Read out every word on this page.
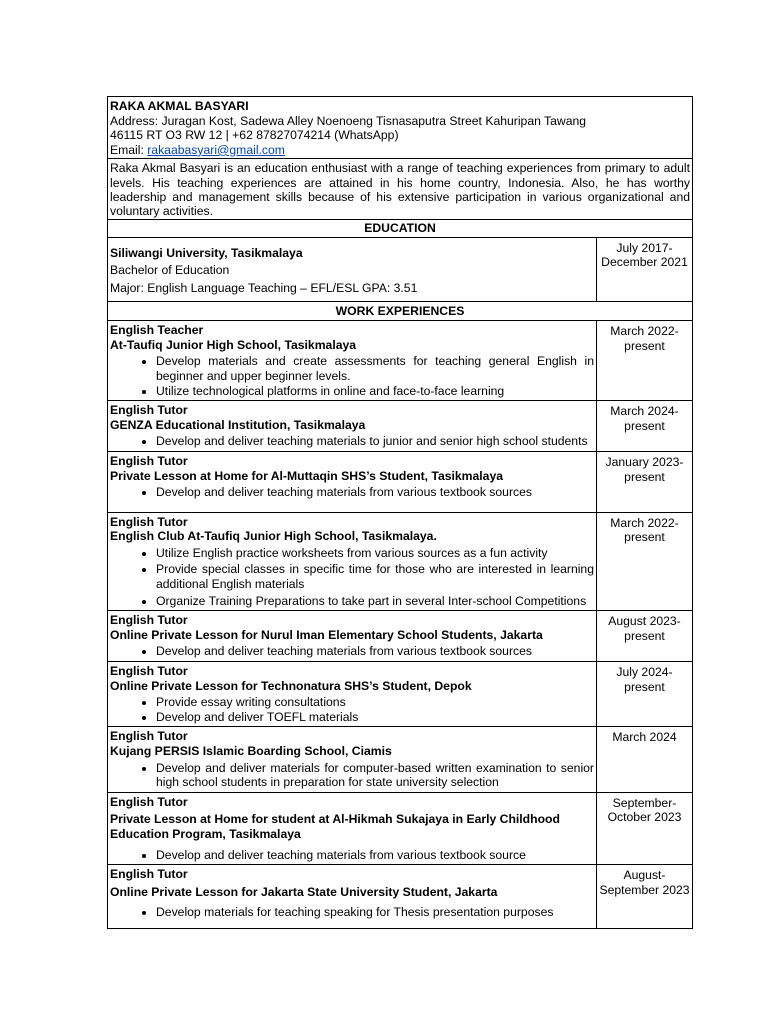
RAKA AKMAL BASYARI
Address: Juragan Kost, Sadewa Alley Noenoeng Tisnasaputra Street Kahuripan Tawang
46115 RT O3 RW 12 | +62 87827074214 (WhatsApp)
Email: rakaabasyari@gmail.com
Raka Akmal Basyari is an education enthusiast with a range of teaching experiences from primary to adult levels. His teaching experiences are attained in his home country, Indonesia. Also, he has worthy leadership and management skills because of his extensive participation in various organizational and voluntary activities.
EDUCATION
Siliwangi University, Tasikmalaya
Bachelor of Education
Major: English Language Teaching – EFL/ESL GPA: 3.51
July 2017- December 2021
WORK EXPERIENCES
English Teacher
At-Taufiq Junior High School, Tasikmalaya
• Develop materials and create assessments for teaching general English in beginner and upper beginner levels.
• Utilize technological platforms in online and face-to-face learning
March 2022- present
English Tutor
GENZA Educational Institution, Tasikmalaya
• Develop and deliver teaching materials to junior and senior high school students
March 2024- present
English Tutor
Private Lesson at Home for Al-Muttaqin SHS’s Student, Tasikmalaya
• Develop and deliver teaching materials from various textbook sources
January 2023- present
English Tutor
English Club At-Taufiq Junior High School, Tasikmalaya.
• Utilize English practice worksheets from various sources as a fun activity
• Provide special classes in specific time for those who are interested in learning additional English materials
• Organize Training Preparations to take part in several Inter-school Competitions
March 2022- present
English Tutor
Online Private Lesson for Nurul Iman Elementary School Students, Jakarta
• Develop and deliver teaching materials from various textbook sources
August 2023- present
English Tutor
Online Private Lesson for Technonatura SHS’s Student, Depok
• Provide essay writing consultations
• Develop and deliver TOEFL materials
July 2024- present
English Tutor
Kujang PERSIS Islamic Boarding School, Ciamis
• Develop and deliver materials for computer-based written examination to senior high school students in preparation for state university selection
March 2024
English Tutor
Private Lesson at Home for student at Al-Hikmah Sukajaya in Early Childhood Education Program, Tasikmalaya
• Develop and deliver teaching materials from various textbook source
September- October 2023
English Tutor
Online Private Lesson for Jakarta State University Student, Jakarta
• Develop materials for teaching speaking for Thesis presentation purposes
August- September 2023
